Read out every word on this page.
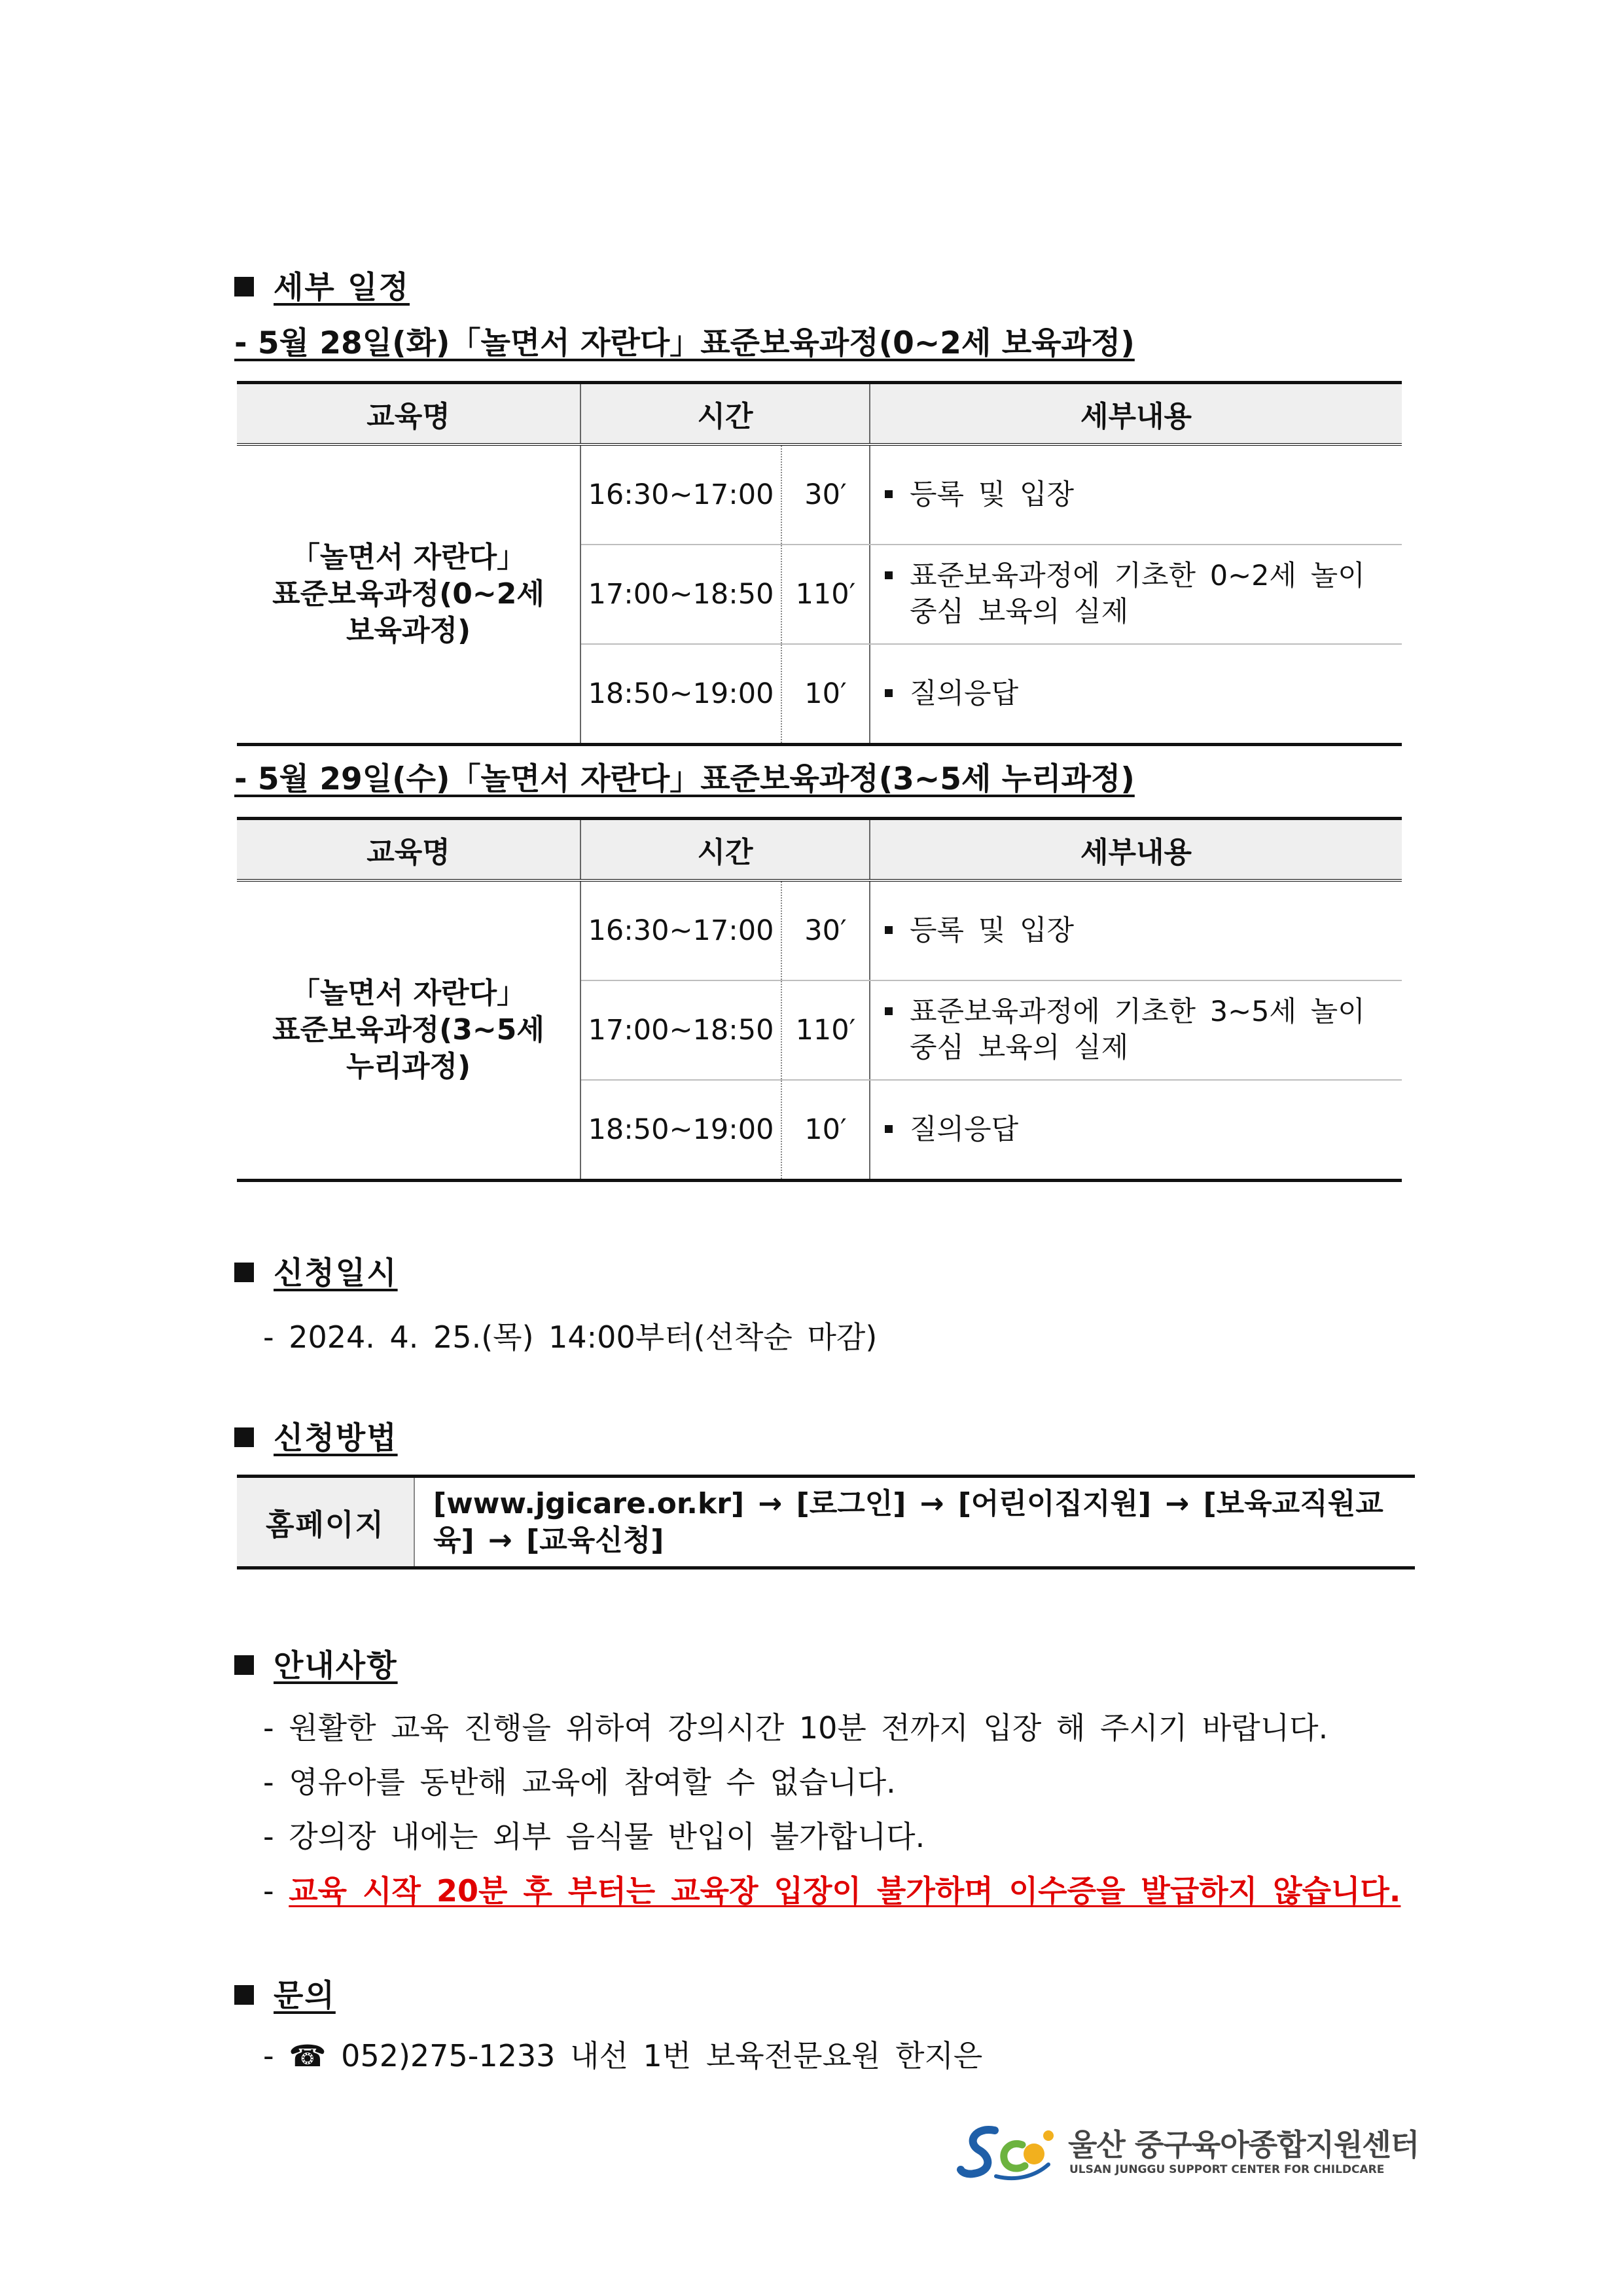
세부 일정
- 5월 28일(화)「놀면서 자란다」표준보육과정(0~2세 보육과정)
교육명	시간		세부내용

「놀면서 자란다」
표준보육과정(0~2세
보육과정)	16:30~17:00	30′	등록 및 입장

	17:00~18:50	110′	표준보육과정에 기초한 0~2세 놀이 중심 보육의 실제

	18:50~19:00	10′	질의응답
- 5월 29일(수)「놀면서 자란다」표준보육과정(3~5세 누리과정)
교육명	시간		세부내용

「놀면서 자란다」
표준보육과정(3~5세
누리과정)	16:30~17:00	30′	등록 및 입장

	17:00~18:50	110′	표준보육과정에 기초한 3~5세 놀이 중심 보육의 실제

	18:50~19:00	10′	질의응답
신청일시
- 2024. 4. 25.(목) 14:00부터(선착순 마감)
신청방법
홈페이지	[www.jgicare.or.kr] → [로그인] → [어린이집지원] → [보육교직원교육] → [교육신청]
안내사항
- 원활한 교육 진행을 위하여 강의시간 10분 전까지 입장 해 주시기 바랍니다.
- 영유아를 동반해 교육에 참여할 수 없습니다.
- 강의장 내에는 외부 음식물 반입이 불가합니다.
- 교육 시작 20분 후 부터는 교육장 입장이 불가하며 이수증을 발급하지 않습니다.
문의
- ☎ 052)275-1233 내선 1번 보육전문요원 한지은
울산 중구육아종합지원센터
ULSAN JUNGGU SUPPORT CENTER FOR CHILDCARE
